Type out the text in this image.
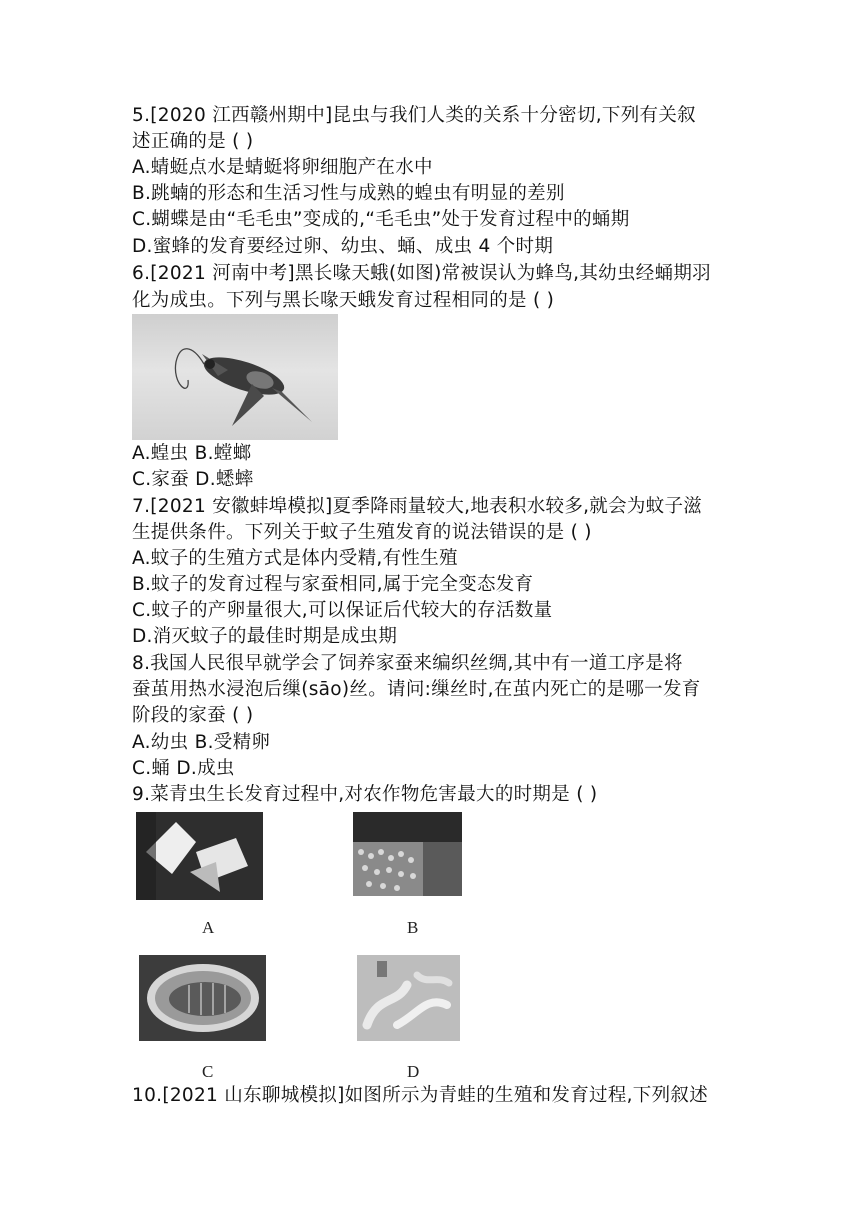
5.[2020 江西赣州期中]昆虫与我们人类的关系十分密切,下列有关叙
述正确的是 ( )
A.蜻蜓点水是蜻蜓将卵细胞产在水中
B.跳蝻的形态和生活习性与成熟的蝗虫有明显的差别
C.蝴蝶是由“毛毛虫”变成的,“毛毛虫”处于发育过程中的蛹期
D.蜜蜂的发育要经过卵、幼虫、蛹、成虫 4 个时期
6.[2021 河南中考]黑长喙天蛾(如图)常被误认为蜂鸟,其幼虫经蛹期羽
化为成虫。下列与黑长喙天蛾发育过程相同的是 ( )
A.蝗虫 B.螳螂
C.家蚕 D.蟋蟀
7.[2021 安徽蚌埠模拟]夏季降雨量较大,地表积水较多,就会为蚊子滋
生提供条件。下列关于蚊子生殖发育的说法错误的是 ( )
A.蚊子的生殖方式是体内受精,有性生殖
B.蚊子的发育过程与家蚕相同,属于完全变态发育
C.蚊子的产卵量很大,可以保证后代较大的存活数量
D.消灭蚊子的最佳时期是成虫期
8.我国人民很早就学会了饲养家蚕来编织丝绸,其中有一道工序是将
蚕茧用热水浸泡后缫(sāo)丝。请问:缫丝时,在茧内死亡的是哪一发育
阶段的家蚕 ( )
A.幼虫 B.受精卵
C.蛹 D.成虫
9.菜青虫生长发育过程中,对农作物危害最大的时期是 ( )
A	B
C	D
10.[2021 山东聊城模拟]如图所示为青蛙的生殖和发育过程,下列叙述
